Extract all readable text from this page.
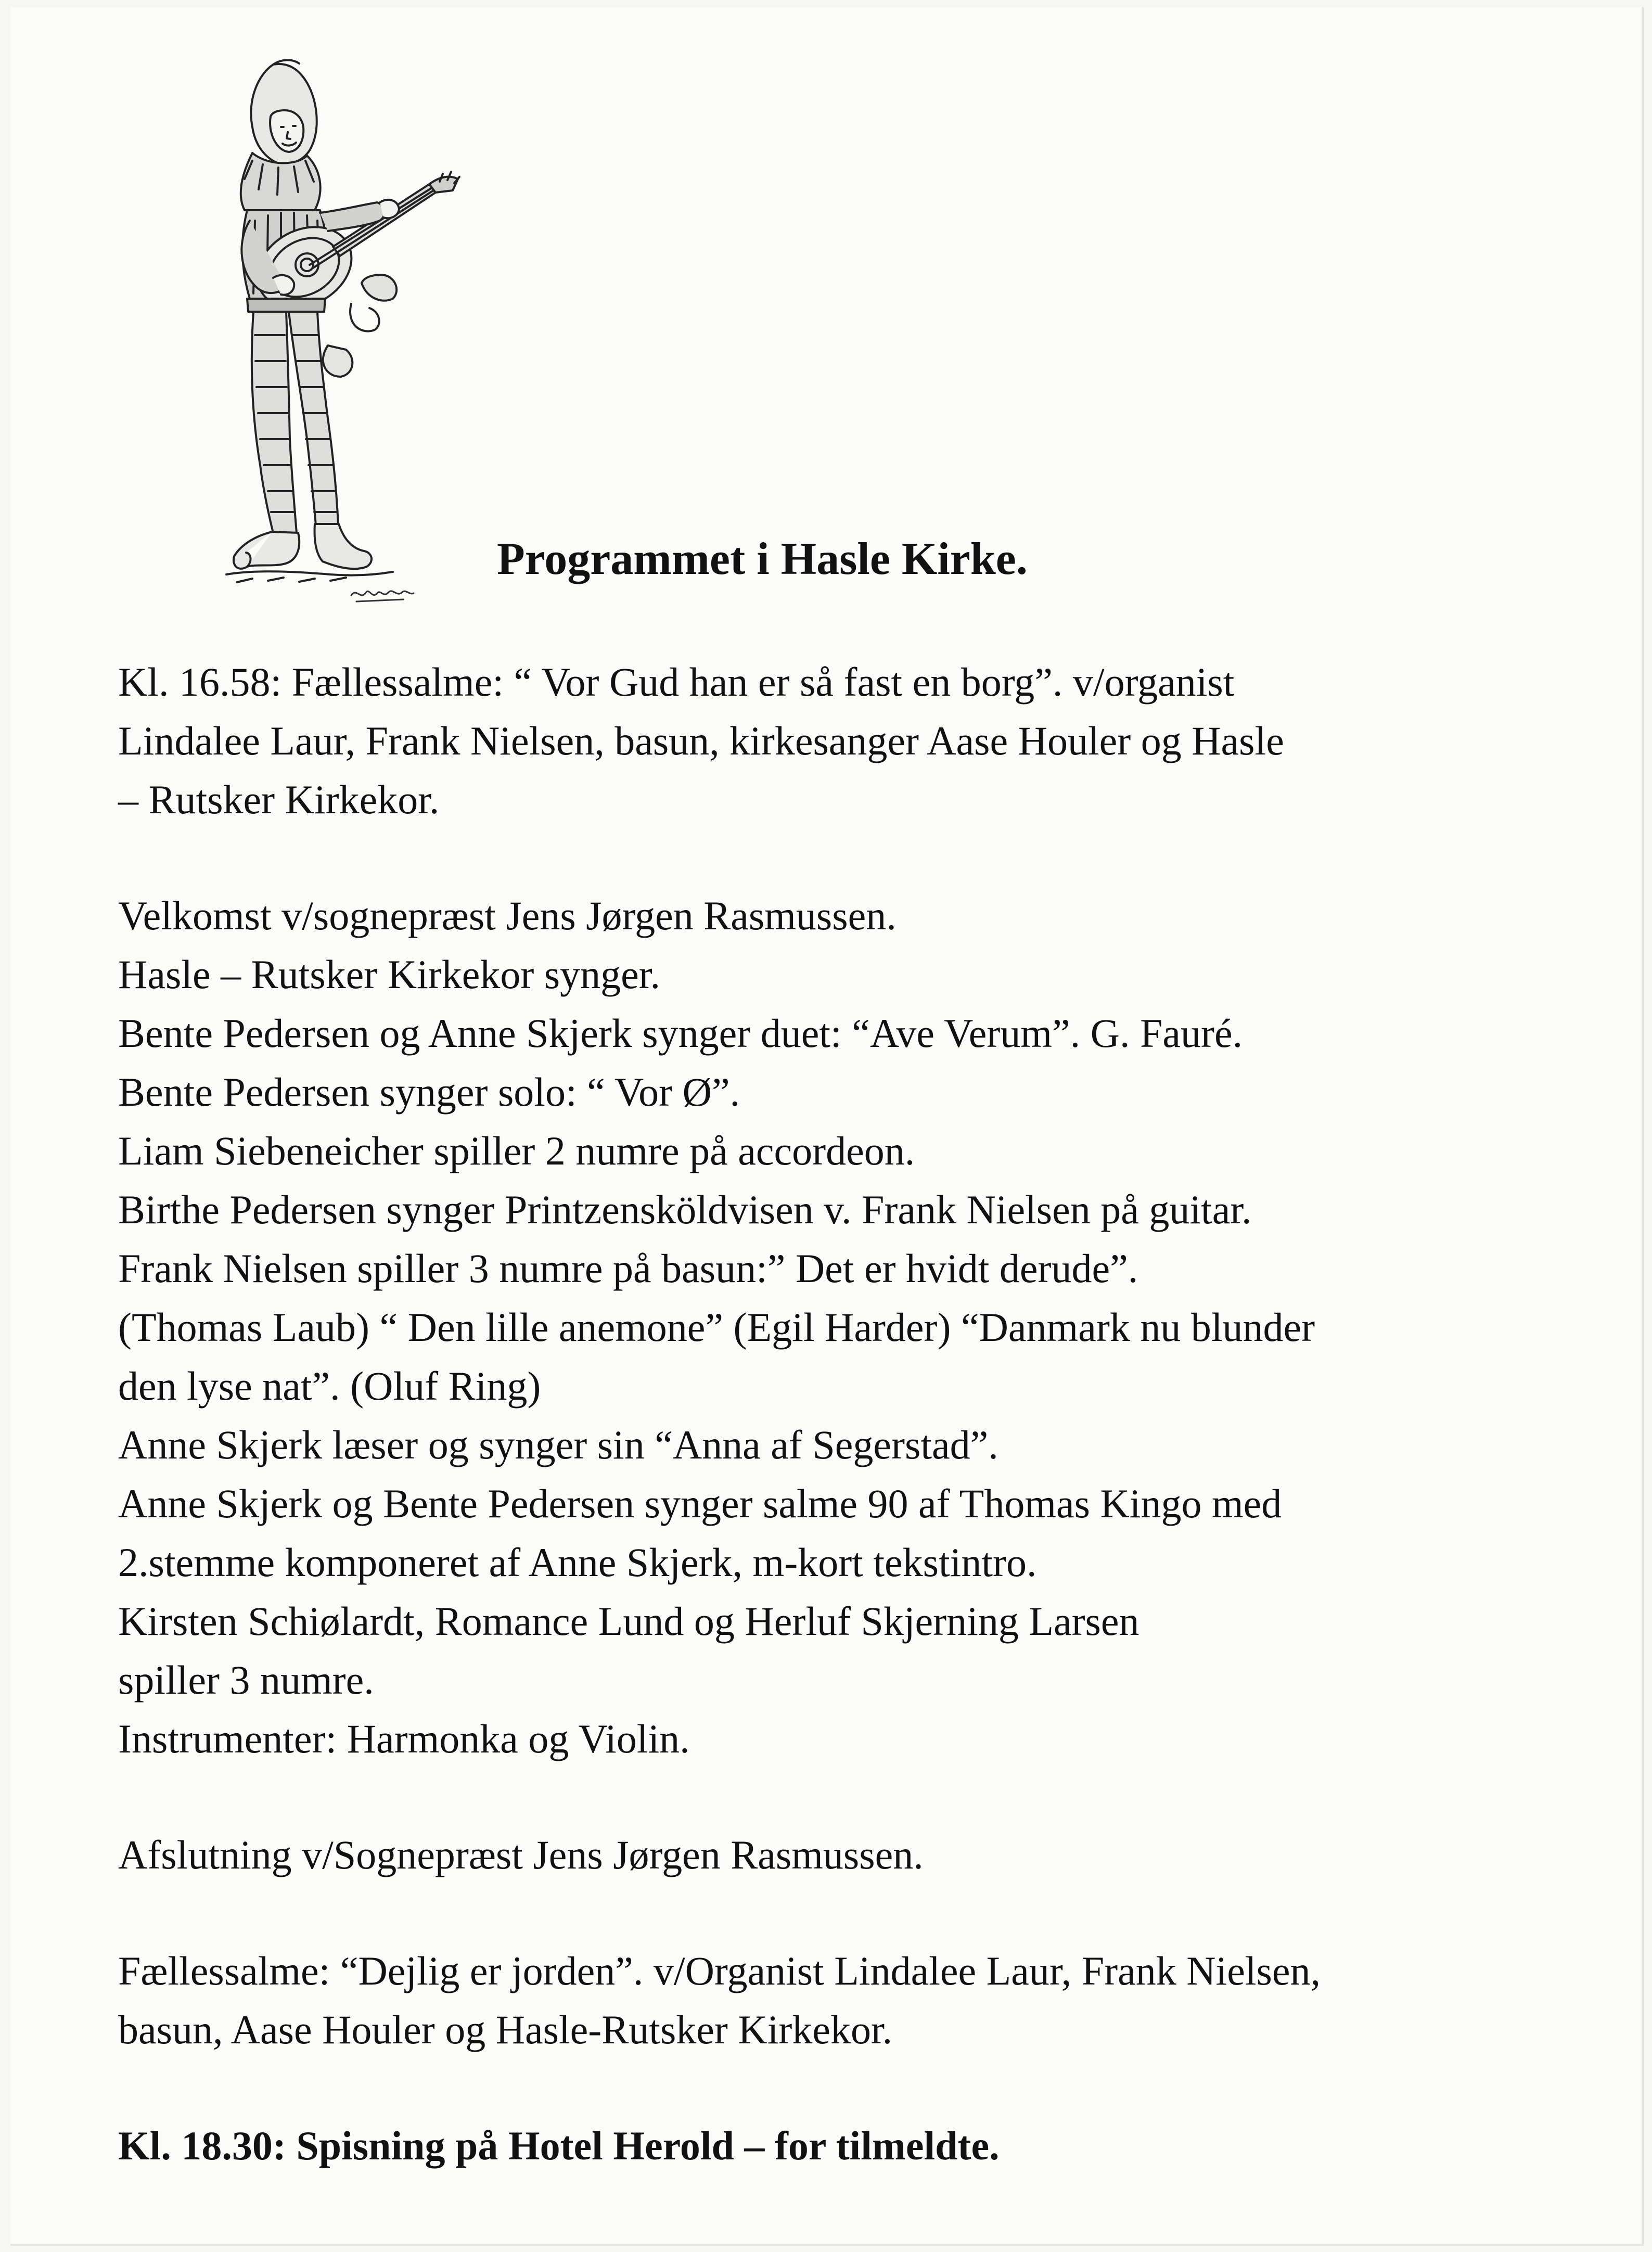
Programmet i Hasle Kirke.
Kl. 16.58: Fællessalme: “ Vor Gud han er så fast en borg”. v/organist
Lindalee Laur, Frank Nielsen, basun, kirkesanger Aase Houler og Hasle
– Rutsker Kirkekor.
Velkomst v/sognepræst Jens Jørgen Rasmussen.
Hasle – Rutsker Kirkekor synger.
Bente Pedersen og Anne Skjerk synger duet: “Ave Verum”. G. Fauré.
Bente Pedersen synger solo: “ Vor Ø”.
Liam Siebeneicher spiller 2 numre på accordeon.
Birthe Pedersen synger Printzensköldvisen v. Frank Nielsen på guitar.
Frank Nielsen spiller 3 numre på basun:” Det er hvidt derude”.
(Thomas Laub) “ Den lille anemone” (Egil Harder) “Danmark nu blunder
den lyse nat”. (Oluf Ring)
Anne Skjerk læser og synger sin “Anna af Segerstad”.
Anne Skjerk og Bente Pedersen synger salme 90 af Thomas Kingo med
2.stemme komponeret af Anne Skjerk, m-kort tekstintro.
Kirsten Schiølardt, Romance Lund og Herluf Skjerning Larsen
spiller 3 numre.
Instrumenter: Harmonka og Violin.
Afslutning v/Sognepræst Jens Jørgen Rasmussen.
Fællessalme: “Dejlig er jorden”. v/Organist Lindalee Laur, Frank Nielsen,
basun, Aase Houler og Hasle-Rutsker Kirkekor.
Kl. 18.30: Spisning på Hotel Herold – for tilmeldte.
